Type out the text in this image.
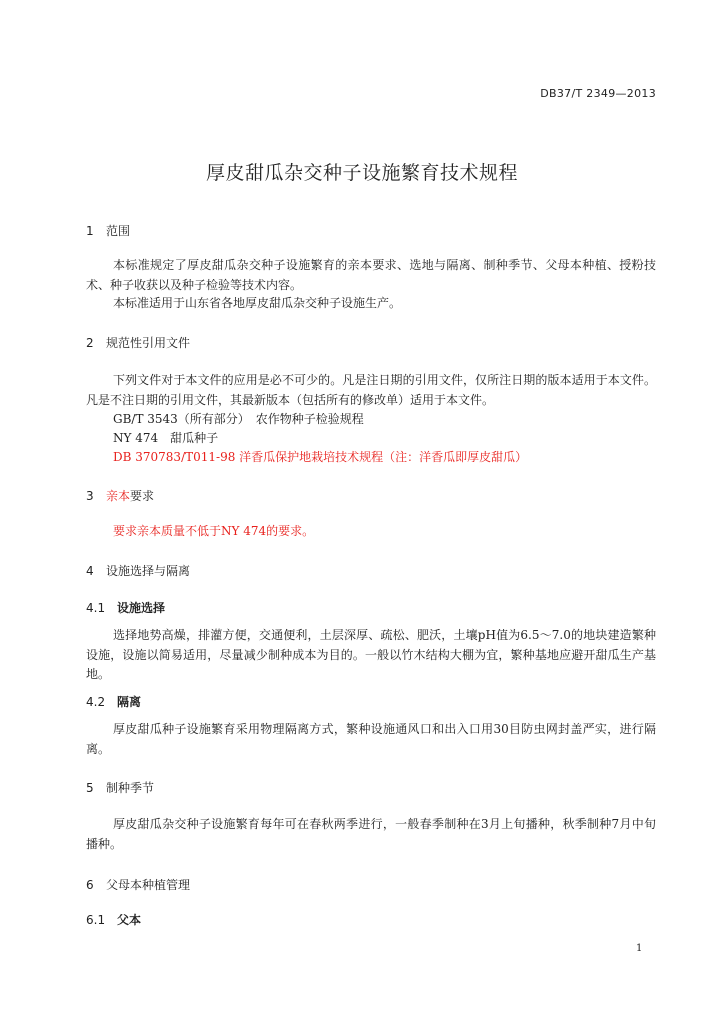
DB37/T 2349—2013
厚皮甜瓜杂交种子设施繁育技术规程
1 范围
本标准规定了厚皮甜瓜杂交种子设施繁育的亲本要求、选地与隔离、制种季节、父母本种植、授粉技术、种子收获以及种子检验等技术内容。
本标准适用于山东省各地厚皮甜瓜杂交种子设施生产。
2 规范性引用文件
下列文件对于本文件的应用是必不可少的。凡是注日期的引用文件，仅所注日期的版本适用于本文件。凡是不注日期的引用文件，其最新版本（包括所有的修改单）适用于本文件。
GB/T 3543（所有部分）　农作物种子检验规程
NY 474　甜瓜种子
DB 370783/T011-98 洋香瓜保护地栽培技术规程（注：洋香瓜即厚皮甜瓜）
3 亲本要求
要求亲本质量不低于NY 474的要求。
4 设施选择与隔离
4.1 设施选择
选择地势高燥，排灌方便，交通便利，土层深厚、疏松、肥沃，土壤pH值为6.5～7.0的地块建造繁种设施，设施以简易适用，尽量减少制种成本为目的。一般以竹木结构大棚为宜，繁种基地应避开甜瓜生产基地。
4.2 隔离
厚皮甜瓜种子设施繁育采用物理隔离方式，繁种设施通风口和出入口用30目防虫网封盖严实，进行隔离。
5 制种季节
厚皮甜瓜杂交种子设施繁育每年可在春秋两季进行，一般春季制种在3月上旬播种，秋季制种7月中旬播种。
6 父母本种植管理
6.1 父本
1
